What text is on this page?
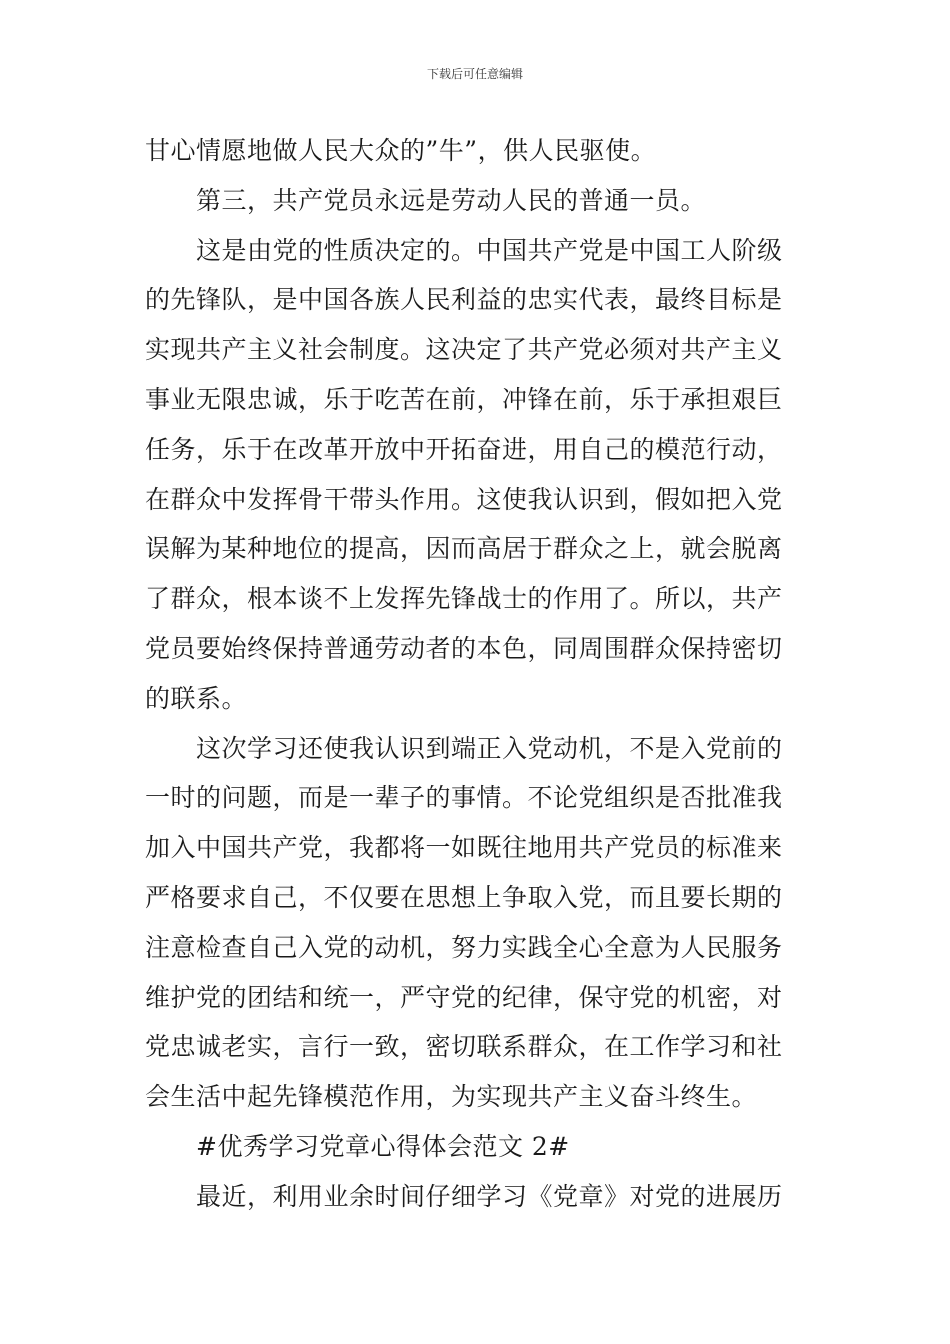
下载后可任意编辑
甘心情愿地做人民大众的”牛”，供人民驱使。
第三，共产党员永远是劳动人民的普通一员。
这是由党的性质决定的。中国共产党是中国工人阶级
的先锋队，是中国各族人民利益的忠实代表，最终目标是
实现共产主义社会制度。这决定了共产党必须对共产主义
事业无限忠诚，乐于吃苦在前，冲锋在前，乐于承担艰巨
任务，乐于在改革开放中开拓奋进，用自己的模范行动，
在群众中发挥骨干带头作用。这使我认识到，假如把入党
误解为某种地位的提高，因而高居于群众之上，就会脱离
了群众，根本谈不上发挥先锋战士的作用了。所以，共产
党员要始终保持普通劳动者的本色，同周围群众保持密切
的联系。
这次学习还使我认识到端正入党动机，不是入党前的
一时的问题，而是一辈子的事情。不论党组织是否批准我
加入中国共产党，我都将一如既往地用共产党员的标准来
严格要求自己，不仅要在思想上争取入党，而且要长期的
注意检查自己入党的动机，努力实践全心全意为人民服务
维护党的团结和统一，严守党的纪律，保守党的机密，对
党忠诚老实，言行一致，密切联系群众，在工作学习和社
会生活中起先锋模范作用，为实现共产主义奋斗终生。
#优秀学习党章心得体会范文 2#
最近，利用业余时间仔细学习《党章》对党的进展历
